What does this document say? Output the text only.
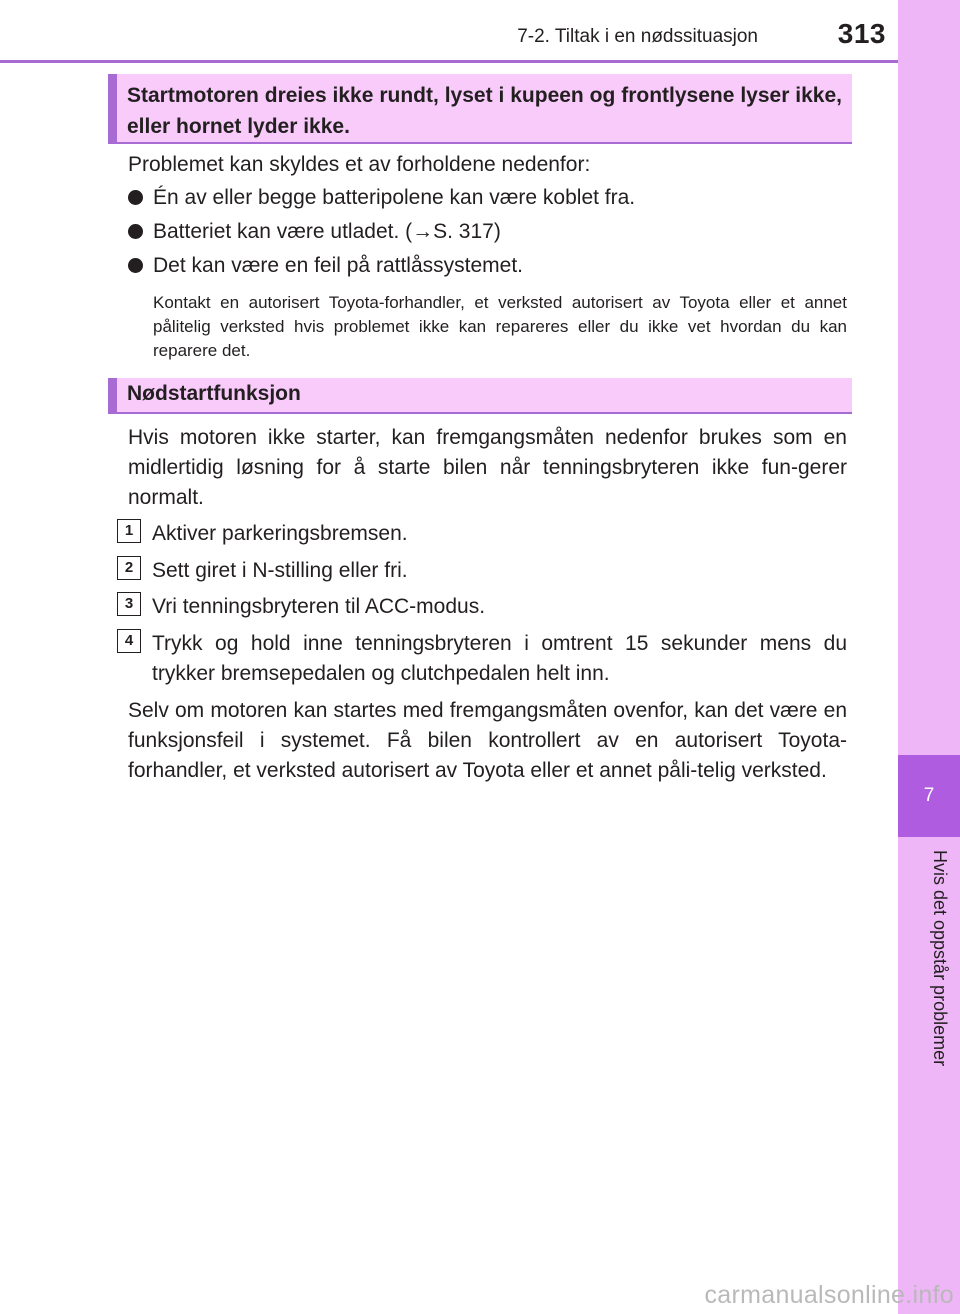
7-2. Tiltak i en nødssituasjon	313
7
Hvis det oppstår problemer
Startmotoren dreies ikke rundt, lyset i kupeen og frontlysene lyser ikke, eller hornet lyder ikke.

Problemet kan skyldes et av forholdene nedenfor:

Én av eller begge batteripolene kan være koblet fra.
Batteriet kan være utladet. (→S. 317)
Det kan være en feil på rattlåssystemet.

Kontakt en autorisert Toyota-forhandler, et verksted autorisert av Toyota eller et annet pålitelig verksted hvis problemet ikke kan repareres eller du ikke vet hvordan du kan reparere det.

Nødstartfunksjon

Hvis motoren ikke starter, kan fremgangsmåten nedenfor brukes som en midlertidig løsning for å starte bilen når tenningsbryteren ikke fun-gerer normalt.

1 Aktiver parkeringsbremsen.

2 Sett giret i N-stilling eller fri.

3 Vri tenningsbryteren til ACC-modus.

4 Trykk og hold inne tenningsbryteren i omtrent 15 sekunder mens du trykker bremsepedalen og clutchpedalen helt inn.

Selv om motoren kan startes med fremgangsmåten ovenfor, kan det være en funksjonsfeil i systemet. Få bilen kontrollert av en autorisert Toyota-forhandler, et verksted autorisert av Toyota eller et annet påli-telig verksted.

carmanualsonline.info
